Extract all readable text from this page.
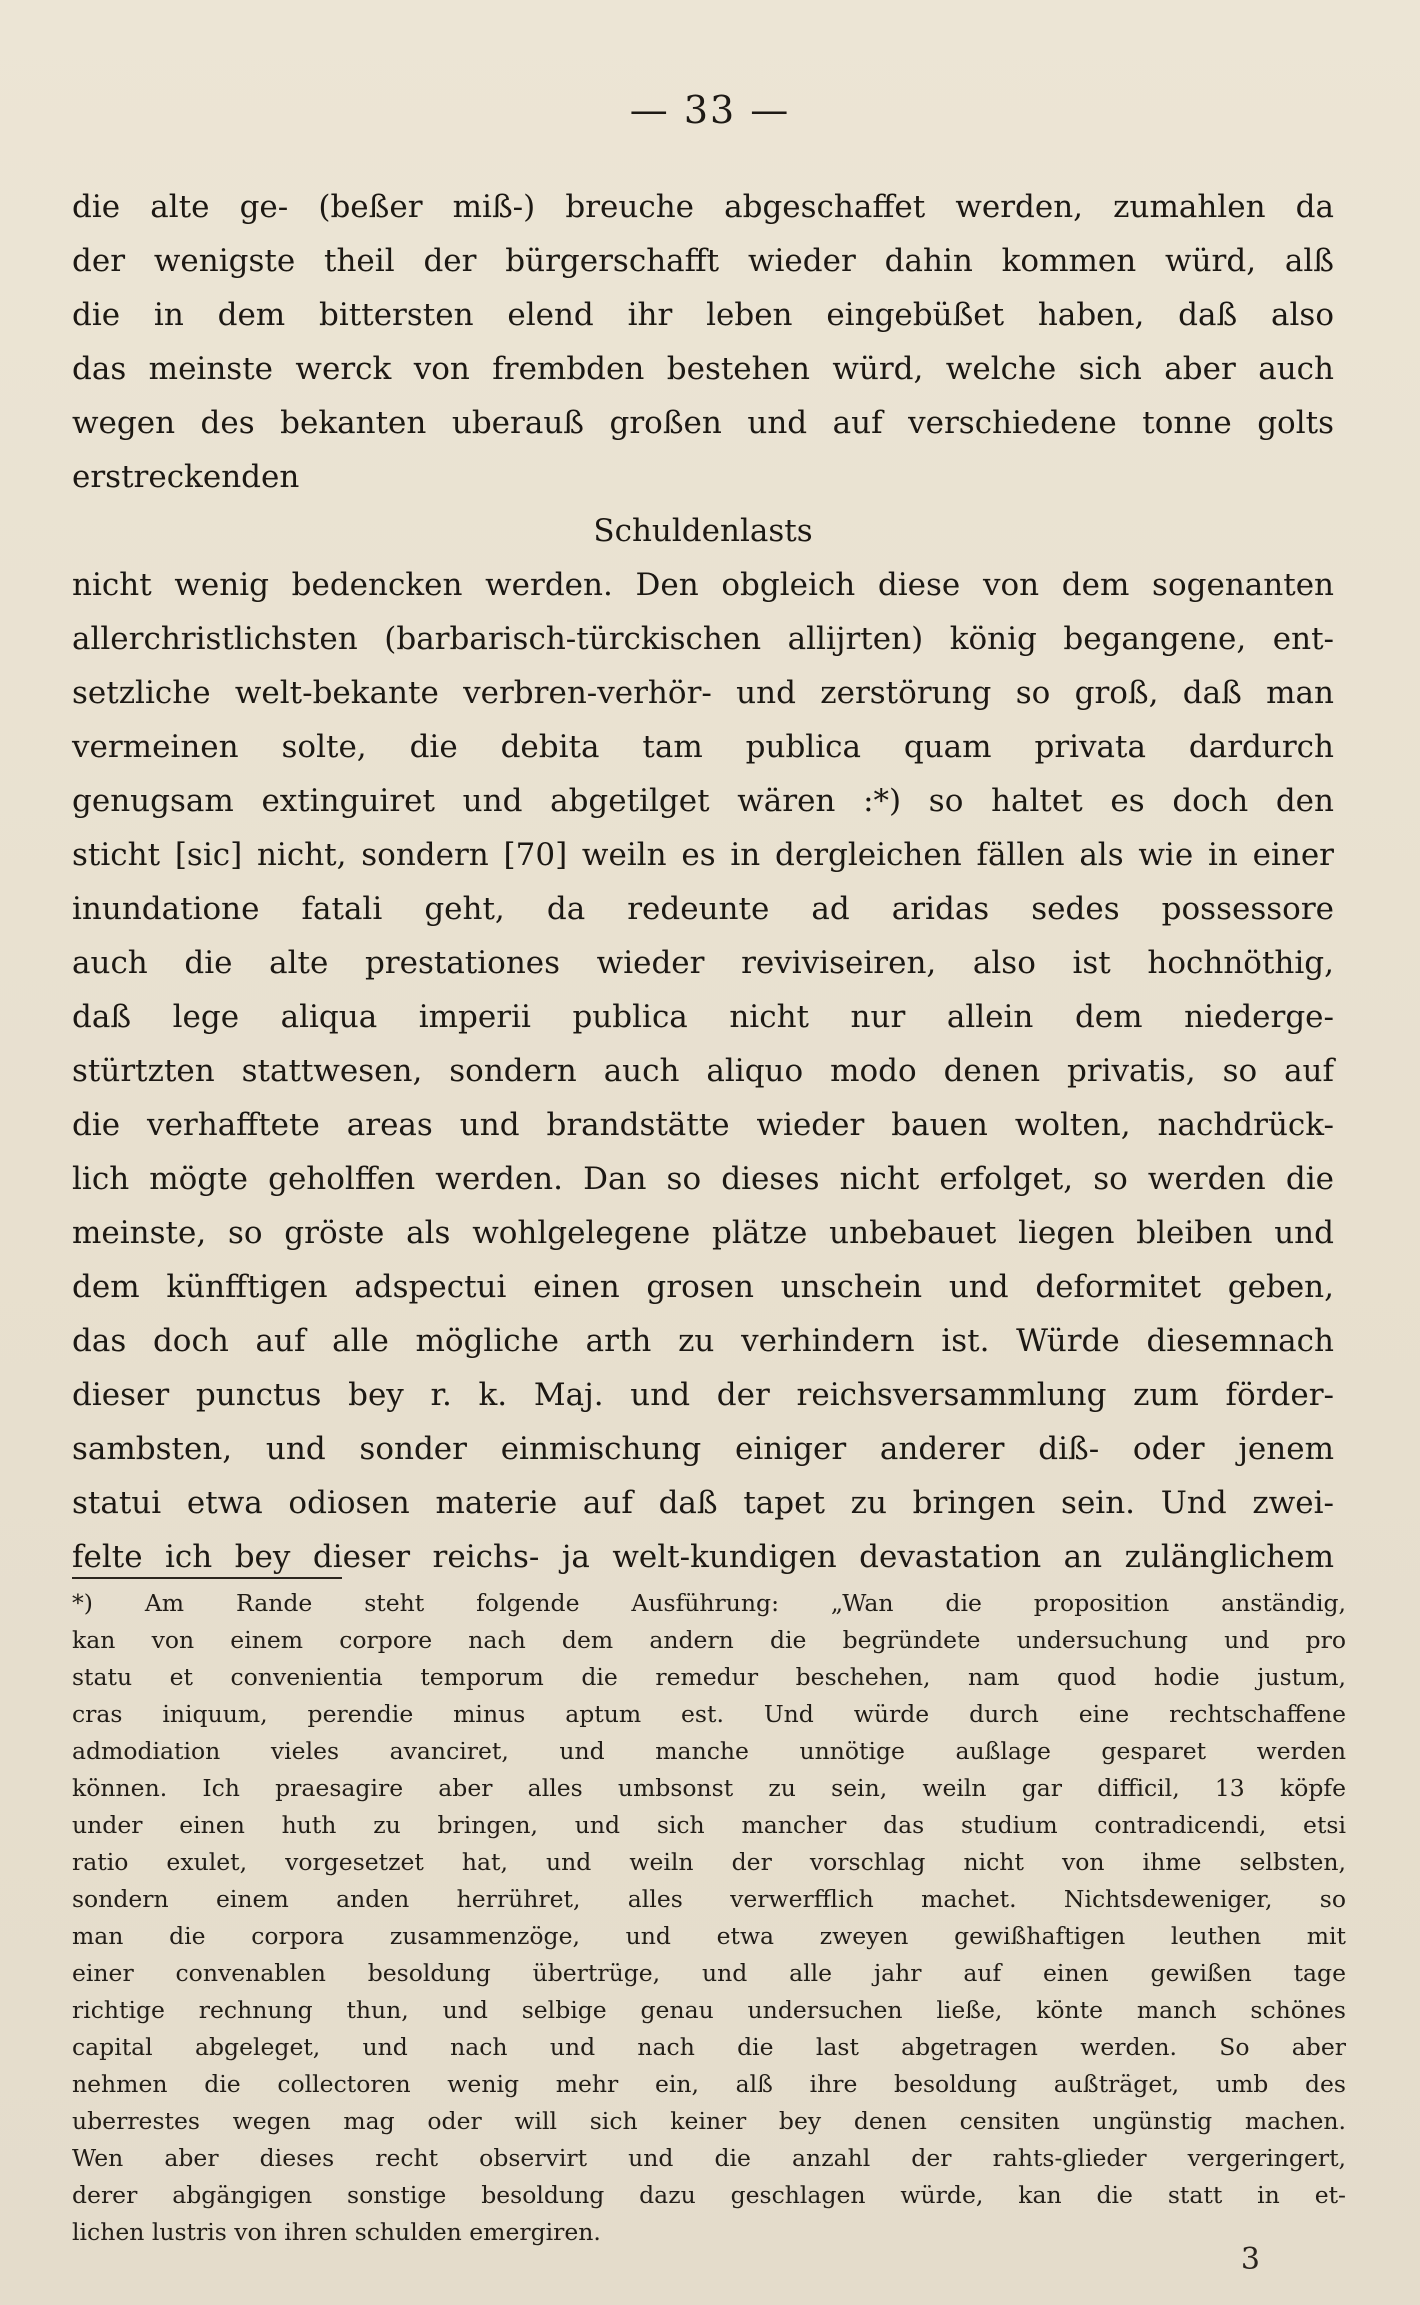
— 33 —
die alte ge- (beßer miß-) breuche abgeschaffet werden, zumahlen da
der wenigste theil der bürgerschafft wieder dahin kommen würd, alß
die in dem bittersten elend ihr leben eingebüßet haben, daß also
das meinste werck von frembden bestehen würd, welche sich aber auch
wegen des bekanten uberauß großen und auf verschiedene tonne golts
erstreckenden
Schuldenlasts
nicht wenig bedencken werden. Den obgleich diese von dem sogenanten
allerchristlichsten (barbarisch-türckischen allijrten) könig begangene, ent-
setzliche welt-bekante verbren-verhör- und zerstörung so groß, daß man
vermeinen solte, die debita tam publica quam privata dardurch
genugsam extinguiret und abgetilget wären :*) so haltet es doch den
sticht [sic] nicht, sondern [70] weiln es in dergleichen fällen als wie in einer
inundatione fatali geht, da redeunte ad aridas sedes possessore
auch die alte prestationes wieder reviviseiren, also ist hochnöthig,
daß lege aliqua imperii publica nicht nur allein dem niederge-
stürtzten stattwesen, sondern auch aliquo modo denen privatis, so auf
die verhafftete areas und brandstätte wieder bauen wolten, nachdrück-
lich mögte geholffen werden. Dan so dieses nicht erfolget, so werden die
meinste, so gröste als wohlgelegene plätze unbebauet liegen bleiben und
dem künfftigen adspectui einen grosen unschein und deformitet geben,
das doch auf alle mögliche arth zu verhindern ist. Würde diesemnach
dieser punctus bey r. k. Maj. und der reichsversammlung zum förder-
sambsten, und sonder einmischung einiger anderer diß- oder jenem
statui etwa odiosen materie auf daß tapet zu bringen sein. Und zwei-
felte ich bey dieser reichs- ja welt-kundigen devastation an zulänglichem
*) Am Rande steht folgende Ausführung: „Wan die proposition anständig,
kan von einem corpore nach dem andern die begründete undersuchung und pro
statu et convenientia temporum die remedur beschehen, nam quod hodie justum,
cras iniquum, perendie minus aptum est. Und würde durch eine rechtschaffene
admodiation vieles avanciret, und manche unnötige außlage gesparet werden
können. Ich praesagire aber alles umbsonst zu sein, weiln gar difficil, 13 köpfe
under einen huth zu bringen, und sich mancher das studium contradicendi, etsi
ratio exulet, vorgesetzet hat, und weiln der vorschlag nicht von ihme selbsten,
sondern einem anden herrühret, alles verwerfflich machet. Nichtsdeweniger, so
man die corpora zusammenzöge, und etwa zweyen gewißhaftigen leuthen mit
einer convenablen besoldung übertrüge, und alle jahr auf einen gewißen tage
richtige rechnung thun, und selbige genau undersuchen ließe, könte manch schönes
capital abgeleget, und nach und nach die last abgetragen werden. So aber
nehmen die collectoren wenig mehr ein, alß ihre besoldung außträget, umb des
uberrestes wegen mag oder will sich keiner bey denen censiten ungünstig machen.
Wen aber dieses recht observirt und die anzahl der rahts-glieder vergeringert,
derer abgängigen sonstige besoldung dazu geschlagen würde, kan die statt in et-
lichen lustris von ihren schulden emergiren.
3
